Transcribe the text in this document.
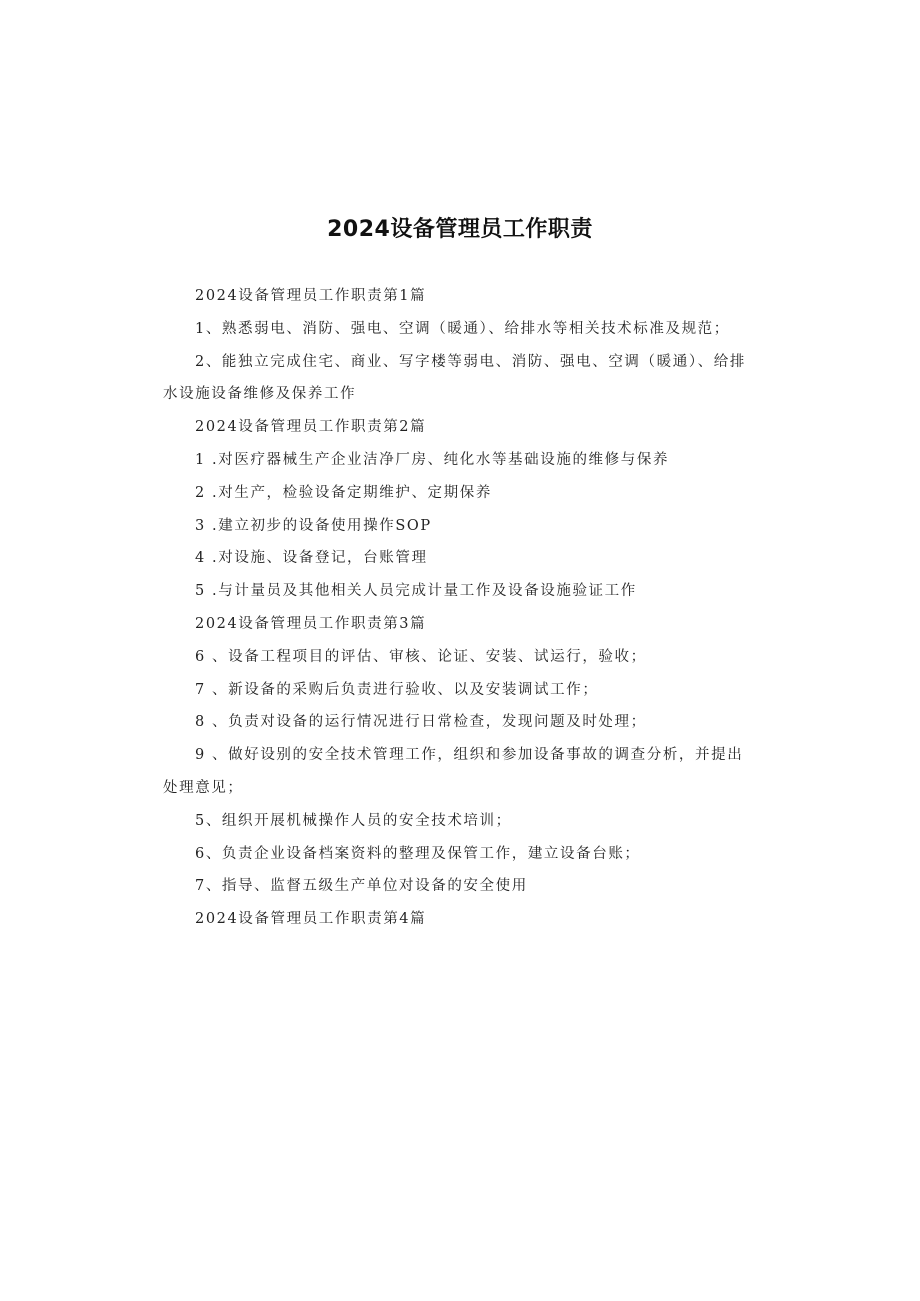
2024设备管理员工作职责

2024设备管理员工作职责第1篇

1、熟悉弱电、消防、强电、空调（暖通）、给排水等相关技术标准及规范；

2、能独立完成住宅、商业、写字楼等弱电、消防、强电、空调（暖通）、给排水设施设备维修及保养工作

2024设备管理员工作职责第2篇

1 .对医疗器械生产企业洁净厂房、纯化水等基础设施的维修与保养

2 .对生产，检验设备定期维护、定期保养

3 .建立初步的设备使用操作SOP

4 .对设施、设备登记，台账管理

5 .与计量员及其他相关人员完成计量工作及设备设施验证工作

2024设备管理员工作职责第3篇

6 、设备工程项目的评估、审核、论证、安装、试运行，验收；

7 、新设备的采购后负责进行验收、以及安装调试工作；

8 、负责对设备的运行情况进行日常检查，发现问题及时处理；

9 、做好设别的安全技术管理工作，组织和参加设备事故的调查分析，并提出处理意见；

5、组织开展机械操作人员的安全技术培训；

6、负责企业设备档案资料的整理及保管工作，建立设备台账；

7、指导、监督五级生产单位对设备的安全使用

2024设备管理员工作职责第4篇
